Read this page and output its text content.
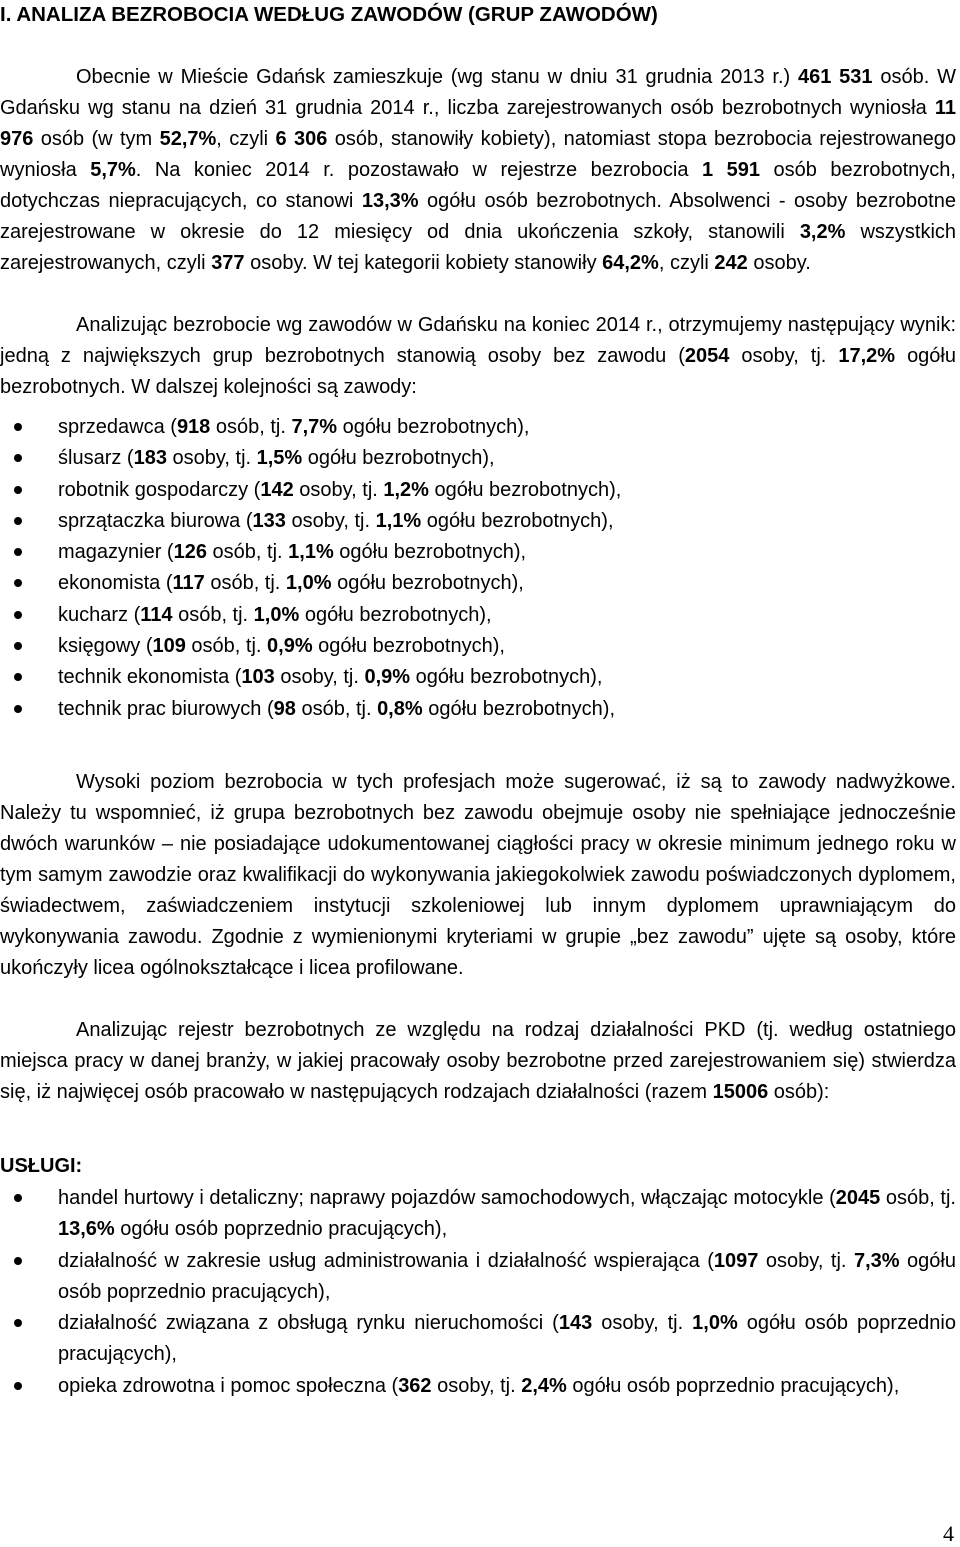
I. ANALIZA BEZROBOCIA WEDŁUG ZAWODÓW (GRUP ZAWODÓW)

Obecnie w Mieście Gdańsk zamieszkuje (wg stanu w dniu 31 grudnia 2013 r.) 461 531 osób. W Gdańsku wg stanu na dzień 31 grudnia 2014 r., liczba zarejestrowanych osób bezrobotnych wyniosła 11 976 osób (w tym 52,7%, czyli 6 306 osób, stanowiły kobiety), natomiast stopa bezrobocia rejestrowanego wyniosła 5,7%. Na koniec 2014 r. pozostawało w rejestrze bezrobocia 1 591 osób bezrobotnych, dotychczas niepracujących, co stanowi 13,3% ogółu osób bezrobotnych. Absolwenci - osoby bezrobotne zarejestrowane w okresie do 12 miesięcy od dnia ukończenia szkoły, stanowili 3,2% wszystkich zarejestrowanych, czyli 377 osoby. W tej kategorii kobiety stanowiły 64,2%, czyli 242 osoby.

Analizując bezrobocie wg zawodów w Gdańsku na koniec 2014 r., otrzymujemy następujący wynik: jedną z największych grup bezrobotnych stanowią osoby bez zawodu (2054 osoby, tj. 17,2% ogółu bezrobotnych. W dalszej kolejności są zawody:

sprzedawca (918 osób, tj. 7,7% ogółu bezrobotnych),
ślusarz (183 osoby, tj. 1,5% ogółu bezrobotnych),
robotnik gospodarczy (142 osoby, tj. 1,2% ogółu bezrobotnych),
sprzątaczka biurowa (133 osoby, tj. 1,1% ogółu bezrobotnych),
magazynier (126 osób, tj. 1,1% ogółu bezrobotnych),
ekonomista (117 osób, tj. 1,0% ogółu bezrobotnych),
kucharz (114 osób, tj. 1,0% ogółu bezrobotnych),
księgowy (109 osób, tj. 0,9% ogółu bezrobotnych),
technik ekonomista (103 osoby, tj. 0,9% ogółu bezrobotnych),
technik prac biurowych (98 osób, tj. 0,8% ogółu bezrobotnych),

Wysoki poziom bezrobocia w tych profesjach może sugerować, iż są to zawody nadwyżkowe. Należy tu wspomnieć, iż grupa bezrobotnych bez zawodu obejmuje osoby nie spełniające jednocześnie dwóch warunków – nie posiadające udokumentowanej ciągłości pracy w okresie minimum jednego roku w tym samym zawodzie oraz kwalifikacji do wykonywania jakiegokolwiek zawodu poświadczonych dyplomem, świadectwem, zaświadczeniem instytucji szkoleniowej lub innym dyplomem uprawniającym do wykonywania zawodu. Zgodnie z wymienionymi kryteriami w grupie „bez zawodu” ujęte są osoby, które ukończyły licea ogólnokształcące i licea profilowane.

Analizując rejestr bezrobotnych ze względu na rodzaj działalności PKD (tj. według ostatniego miejsca pracy w danej branży, w jakiej pracowały osoby bezrobotne przed zarejestrowaniem się) stwierdza się, iż najwięcej osób pracowało w następujących rodzajach działalności (razem 15006 osób):

USŁUGI:
handel hurtowy i detaliczny; naprawy pojazdów samochodowych, włączając motocykle (2045 osób, tj. 13,6% ogółu osób poprzednio pracujących),
działalność w zakresie usług administrowania i działalność wspierająca (1097 osoby, tj. 7,3% ogółu osób poprzednio pracujących),
działalność związana z obsługą rynku nieruchomości (143 osoby, tj. 1,0% ogółu osób poprzednio pracujących),
opieka zdrowotna i pomoc społeczna (362 osoby, tj. 2,4% ogółu osób poprzednio pracujących),
4
